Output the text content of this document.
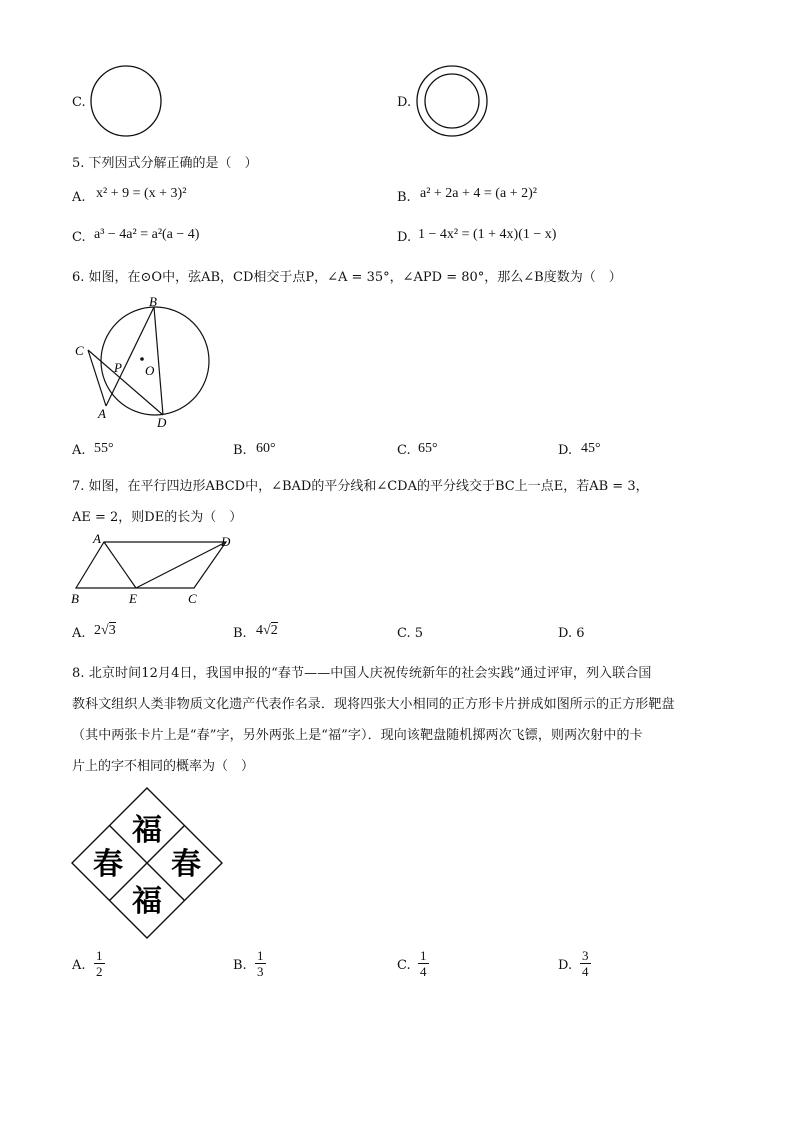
C.	D.
5. 下列因式分解正确的是（　）
A. x² + 9 = (x + 3)²	B. a² + 2a + 4 = (a + 2)²
C. a³ − 4a² = a²(a − 4)	D. 1 − 4x² = (1 + 4x)(1 − x)
6. 如图，在⊙O中，弦AB，CD相交于点P，∠A = 35°，∠APD = 80°，那么∠B度数为（　）
B
C
P O
A
D
A. 55°	B. 60°	C. 65°	D. 45°
7. 如图，在平行四边形ABCD中，∠BAD的平分线和∠CDA的平分线交于BC上一点E，若AB = 3，
AE = 2，则DE的长为（　）
A	D
B	E	C
A. 2√3	B. 4√2	C. 5	D. 6
8. 北京时间12月4日，我国申报的“春节——中国人庆祝传统新年的社会实践”通过评审，列入联合国
教科文组织人类非物质文化遗产代表作名录．现将四张大小相同的正方形卡片拼成如图所示的正方形靶盘
（其中两张卡片上是“春”字，另外两张上是“福”字）．现向该靶盘随机掷两次飞镖，则两次射中的卡
片上的字不相同的概率为（　）
福
春 春
福
A. $\frac{1}{2}$	B. $\frac{1}{3}$	C. $\frac{1}{4}$	D. $\frac{3}{4}$
